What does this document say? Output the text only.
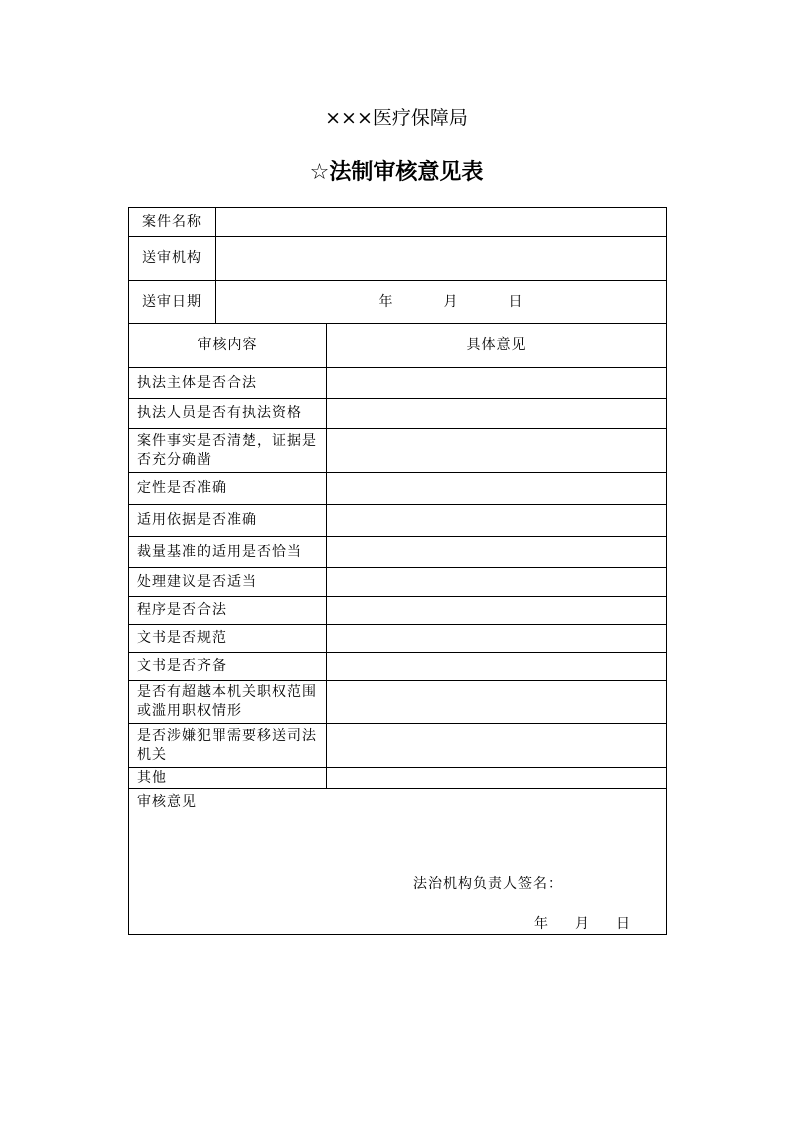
×××医疗保障局
☆法制审核意见表
案件名称		
送审机构		
送审日期	年 月 日	

审核内容		具体意见
执法主体是否合法		
执法人员是否有执法资格		
案件事实是否清楚，证据是否充分确凿		
定性是否准确		
适用依据是否准确		
裁量基准的适用是否恰当		
处理建议是否适当		
程序是否合法		
文书是否规范		
文书是否齐备		
是否有超越本机关职权范围或滥用职权情形		
是否涉嫌犯罪需要移送司法机关		
其他		

审核意见
法治机构负责人签名：
年 月 日		
